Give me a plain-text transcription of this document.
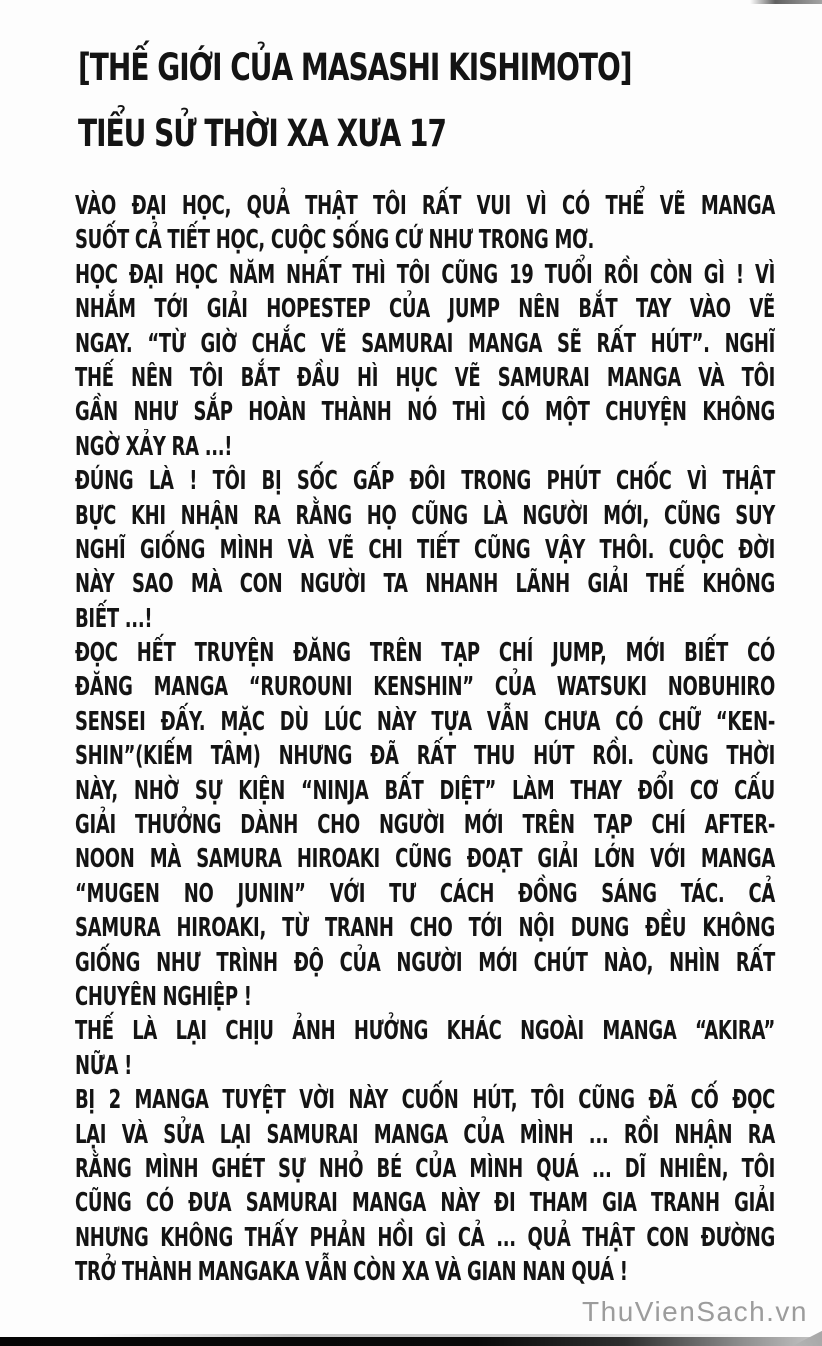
[THẾ GIỚI CỦA MASASHI KISHIMOTO]
TIỂU SỬ THỜI XA XƯA 17
VÀO ĐẠI HỌC, QUẢ THẬT TÔI RẤT VUI VÌ CÓ THỂ VẼ MANGA
SUỐT CẢ TIẾT HỌC, CUỘC SỐNG CỨ NHƯ TRONG MƠ.
HỌC ĐẠI HỌC NĂM NHẤT THÌ TÔI CŨNG 19 TUỔI RỒI CÒN GÌ ! VÌ
NHẮM TỚI GIẢI HOPESTEP CỦA JUMP NÊN BẮT TAY VÀO VẼ
NGAY. “TỪ GIỜ CHẮC VẼ SAMURAI MANGA SẼ RẤT HÚT”. NGHĨ
THẾ NÊN TÔI BẮT ĐẦU HÌ HỤC VẼ SAMURAI MANGA VÀ TÔI
GẦN NHƯ SẮP HOÀN THÀNH NÓ THÌ CÓ MỘT CHUYỆN KHÔNG
NGỜ XẢY RA ...!
ĐÚNG LÀ ! TÔI BỊ SỐC GẤP ĐÔI TRONG PHÚT CHỐC VÌ THẬT
BỰC KHI NHẬN RA RẰNG HỌ CŨNG LÀ NGƯỜI MỚI, CŨNG SUY
NGHĨ GIỐNG MÌNH VÀ VẼ CHI TIẾT CŨNG VẬY THÔI. CUỘC ĐỜI
NÀY SAO MÀ CON NGƯỜI TA NHANH LÃNH GIẢI THẾ KHÔNG
BIẾT ...!
ĐỌC HẾT TRUYỆN ĐĂNG TRÊN TẠP CHÍ JUMP, MỚI BIẾT CÓ
ĐĂNG MANGA “RUROUNI KENSHIN” CỦA WATSUKI NOBUHIRO
SENSEI ĐẤY. MẶC DÙ LÚC NÀY TỰA VẪN CHƯA CÓ CHỮ “KEN-
SHIN”(KIẾM TÂM) NHƯNG ĐÃ RẤT THU HÚT RỒI. CÙNG THỜI
NÀY, NHỜ SỰ KIỆN “NINJA BẤT DIỆT” LÀM THAY ĐỔI CƠ CẤU
GIẢI THƯỞNG DÀNH CHO NGƯỜI MỚI TRÊN TẠP CHÍ AFTER-
NOON MÀ SAMURA HIROAKI CŨNG ĐOẠT GIẢI LỚN VỚI MANGA
“MUGEN NO JUNIN” VỚI TƯ CÁCH ĐỒNG SÁNG TÁC. CẢ
SAMURA HIROAKI, TỪ TRANH CHO TỚI NỘI DUNG ĐỀU KHÔNG
GIỐNG NHƯ TRÌNH ĐỘ CỦA NGƯỜI MỚI CHÚT NÀO, NHÌN RẤT
CHUYÊN NGHIỆP !
THẾ LÀ LẠI CHỊU ẢNH HƯỞNG KHÁC NGOÀI MANGA “AKIRA”
NỮA !
BỊ 2 MANGA TUYỆT VỜI NÀY CUỐN HÚT, TÔI CŨNG ĐÃ CỐ ĐỌC
LẠI VÀ SỬA LẠI SAMURAI MANGA CỦA MÌNH ... RỒI NHẬN RA
RẰNG MÌNH GHÉT SỰ NHỎ BÉ CỦA MÌNH QUÁ ... DĨ NHIÊN, TÔI
CŨNG CÓ ĐƯA SAMURAI MANGA NÀY ĐI THAM GIA TRANH GIẢI
NHƯNG KHÔNG THẤY PHẢN HỒI GÌ CẢ ... QUẢ THẬT CON ĐƯỜNG
TRỞ THÀNH MANGAKA VẪN CÒN XA VÀ GIAN NAN QUÁ !
ThuVienSach.vn
